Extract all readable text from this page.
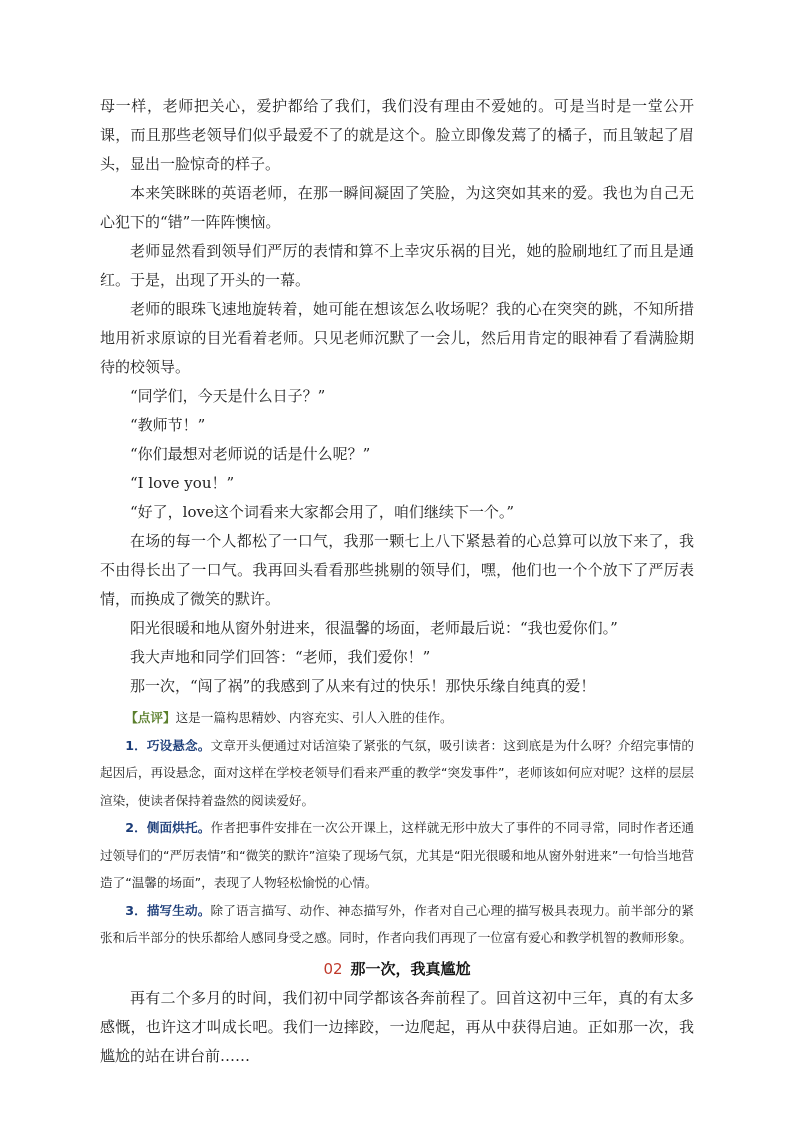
母一样，老师把关心，爱护都给了我们，我们没有理由不爱她的。可是当时是一堂公开课，而且那些老领导们似乎最爱不了的就是这个。脸立即像发蔫了的橘子，而且皱起了眉头，显出一脸惊奇的样子。

本来笑眯眯的英语老师，在那一瞬间凝固了笑脸，为这突如其来的爱。我也为自己无心犯下的“错”一阵阵懊恼。

老师显然看到领导们严厉的表情和算不上幸灾乐祸的目光，她的脸刷地红了而且是通红。于是，出现了开头的一幕。

老师的眼珠飞速地旋转着，她可能在想该怎么收场呢？我的心在突突的跳，不知所措地用祈求原谅的目光看着老师。只见老师沉默了一会儿，然后用肯定的眼神看了看满脸期待的校领导。

“同学们，今天是什么日子？”

“教师节！”

“你们最想对老师说的话是什么呢？”

“I love you！”

“好了，love这个词看来大家都会用了，咱们继续下一个。”

在场的每一个人都松了一口气，我那一颗七上八下紧悬着的心总算可以放下来了，我不由得长出了一口气。我再回头看看那些挑剔的领导们，嘿，他们也一个个放下了严厉表情，而换成了微笑的默许。

阳光很暖和地从窗外射进来，很温馨的场面，老师最后说：“我也爱你们。”

我大声地和同学们回答：“老师，我们爱你！”

那一次，“闯了祸”的我感到了从来有过的快乐！那快乐缘自纯真的爱！

【点评】这是一篇构思精妙、内容充实、引人入胜的佳作。

1．巧设悬念。文章开头便通过对话渲染了紧张的气氛，吸引读者：这到底是为什么呀？介绍完事情的起因后，再设悬念，面对这样在学校老领导们看来严重的教学“突发事件”，老师该如何应对呢？这样的层层渲染，使读者保持着盎然的阅读爱好。

2．侧面烘托。作者把事件安排在一次公开课上，这样就无形中放大了事件的不同寻常，同时作者还通过领导们的“严厉表情”和“微笑的默许”渲染了现场气氛，尤其是“阳光很暖和地从窗外射进来”一句恰当地营造了“温馨的场面”，表现了人物轻松愉悦的心情。

3．描写生动。除了语言描写、动作、神态描写外，作者对自己心理的描写极具表现力。前半部分的紧张和后半部分的快乐都给人感同身受之感。同时，作者向我们再现了一位富有爱心和教学机智的教师形象。

02 那一次，我真尴尬

再有二个多月的时间，我们初中同学都该各奔前程了。回首这初中三年，真的有太多感慨，也许这才叫成长吧。我们一边摔跤，一边爬起，再从中获得启迪。正如那一次，我尴尬的站在讲台前……
